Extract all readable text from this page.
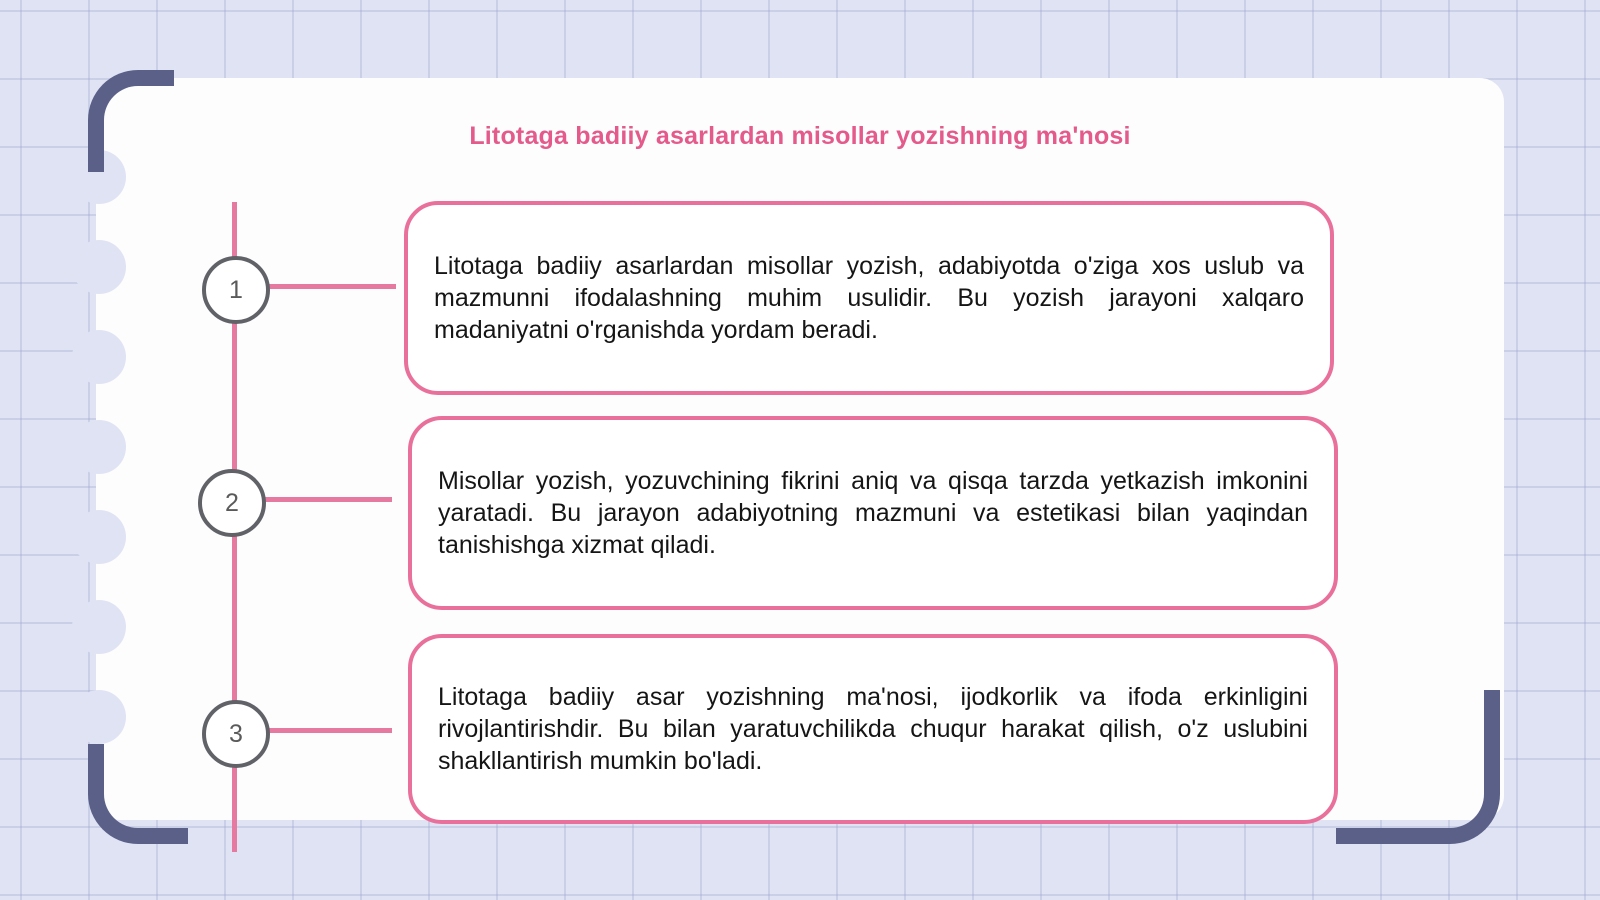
Litotaga badiiy asarlardan misollar yozishning ma'nosi
1
Litotaga badiiy asarlardan misollar yozish, adabiyotda o'ziga xos uslub va mazmunni ifodalashning muhim usulidir. Bu yozish jarayoni xalqaro madaniyatni o'rganishda yordam beradi.
2
Misollar yozish, yozuvchining fikrini aniq va qisqa tarzda yetkazish imkonini yaratadi. Bu jarayon adabiyotning mazmuni va estetikasi bilan yaqindan tanishishga xizmat qiladi.
3
Litotaga badiiy asar yozishning ma'nosi, ijodkorlik va ifoda erkinligini rivojlantirishdir. Bu bilan yaratuvchilikda chuqur harakat qilish, o'z uslubini shakllantirish mumkin bo'ladi.
